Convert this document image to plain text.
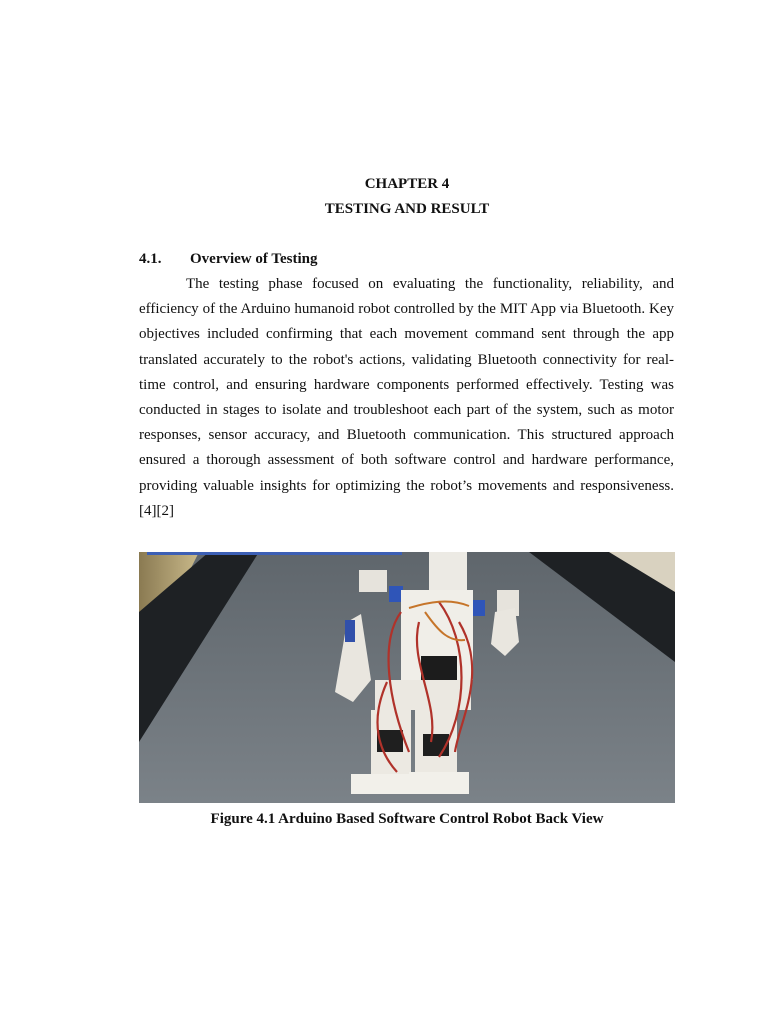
CHAPTER 4
TESTING AND RESULT
4.1. Overview of Testing

The testing phase focused on evaluating the functionality, reliability, and efficiency of the Arduino humanoid robot controlled by the MIT App via Bluetooth. Key objectives included confirming that each movement command sent through the app translated accurately to the robot's actions, validating Bluetooth connectivity for real-time control, and ensuring hardware components performed effectively. Testing was conducted in stages to isolate and troubleshoot each part of the system, such as motor responses, sensor accuracy, and Bluetooth communication. This structured approach ensured a thorough assessment of both software control and hardware performance, providing valuable insights for optimizing the robot’s movements and responsiveness. [4][2]

Figure 4.1 Arduino Based Software Control Robot Back View
